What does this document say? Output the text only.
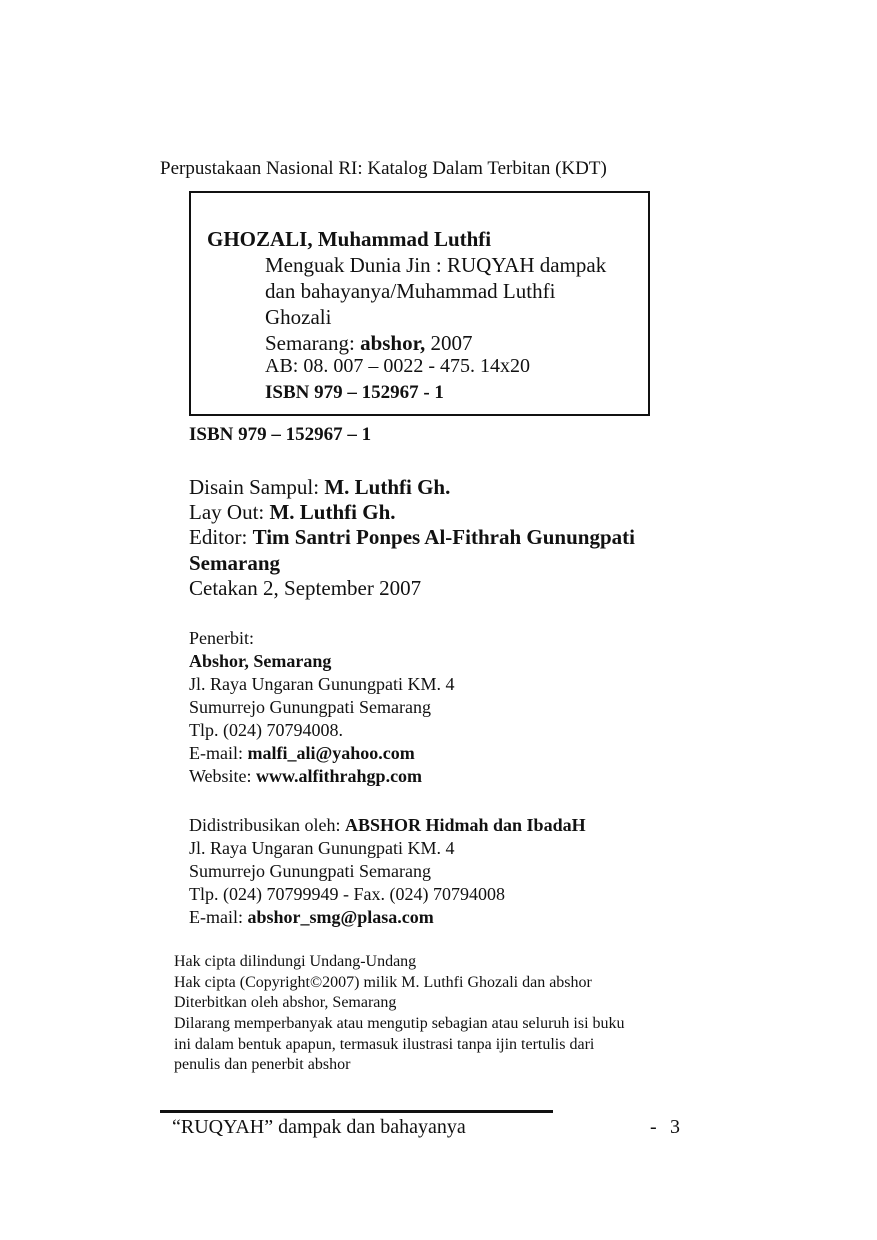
Perpustakaan Nasional RI: Katalog Dalam Terbitan (KDT)
GHOZALI, Muhammad Luthfi
Menguak Dunia Jin : RUQYAH dampak
dan bahayanya/Muhammad Luthfi
Ghozali
Semarang: abshor, 2007
AB: 08. 007 – 0022 - 475. 14x20
ISBN 979 – 152967 - 1
ISBN 979 – 152967 – 1
Disain Sampul: M. Luthfi Gh.
Lay Out: M. Luthfi Gh.
Editor: Tim Santri Ponpes Al-Fithrah Gunungpati
Semarang
Cetakan 2, September 2007
Penerbit:
Abshor, Semarang
Jl. Raya Ungaran Gunungpati KM. 4
Sumurrejo Gunungpati Semarang
Tlp. (024) 70794008.
E-mail: malfi_ali@yahoo.com
Website: www.alfithrahgp.com
Didistribusikan oleh: ABSHOR Hidmah dan IbadaH
Jl. Raya Ungaran Gunungpati KM. 4
Sumurrejo Gunungpati Semarang
Tlp. (024) 70799949 - Fax. (024) 70794008
E-mail: abshor_smg@plasa.com
Hak cipta dilindungi Undang-Undang
Hak cipta (Copyright©2007) milik M. Luthfi Ghozali dan abshor
Diterbitkan oleh abshor, Semarang
Dilarang memperbanyak atau mengutip sebagian atau seluruh isi buku
ini dalam bentuk apapun, termasuk ilustrasi tanpa ijin tertulis dari
penulis dan penerbit abshor
“RUQYAH” dampak dan bahayanya	- 3
